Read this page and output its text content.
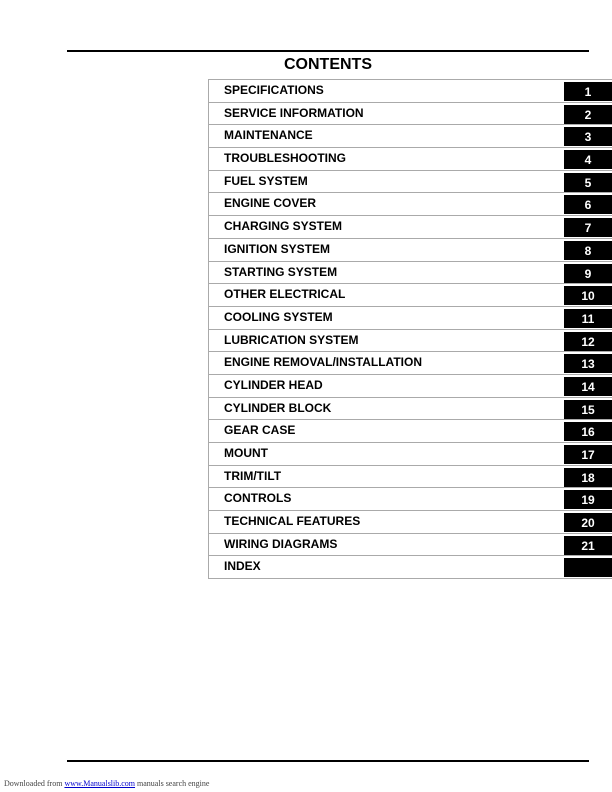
CONTENTS
SPECIFICATIONS	1
SERVICE INFORMATION	2
MAINTENANCE	3
TROUBLESHOOTING	4
FUEL SYSTEM	5
ENGINE COVER	6
CHARGING SYSTEM	7
IGNITION SYSTEM	8
STARTING SYSTEM	9
OTHER ELECTRICAL	10
COOLING SYSTEM	11
LUBRICATION SYSTEM	12
ENGINE REMOVAL/INSTALLATION	13
CYLINDER HEAD	14
CYLINDER BLOCK	15
GEAR CASE	16
MOUNT	17
TRIM/TILT	18
CONTROLS	19
TECHNICAL FEATURES	20
WIRING DIAGRAMS	21
INDEX
Downloaded from www.Manualslib.com manuals search engine
